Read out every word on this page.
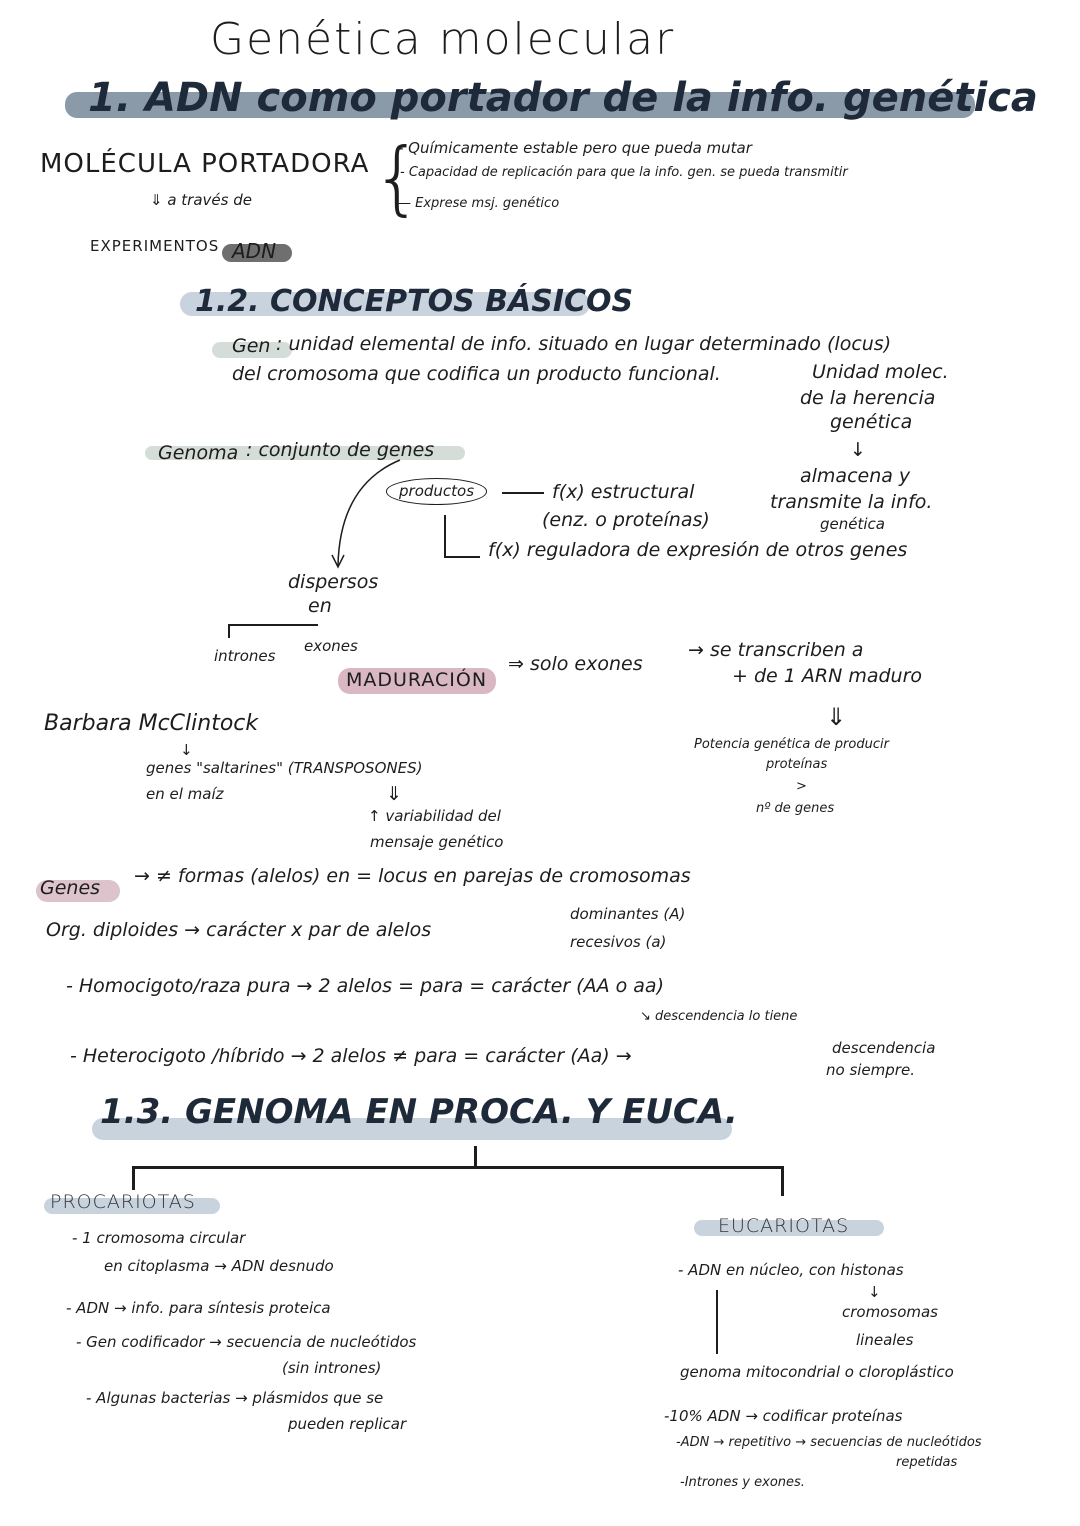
Genética molecular
1. ADN como portador de la info. genética
MOLÉCULA PORTADORA
⇓ a través de
EXPERIMENTOS ADN
{
- Químicamente estable pero que pueda mutar
- Capacidad de replicación para que la info. gen. se pueda transmitir
— Exprese msj. genético
1.2. CONCEPTOS BÁSICOS
Gen : unidad elemental de info. situado en lugar determinado (locus)
del cromosoma que codifica un producto funcional.	Unidad molec.
de la herencia
genética
↓
almacena y
transmite la info.
genética
Genoma : conjunto de genes
productos	f(x) estructural
(enz. o proteínas)
f(x) reguladora de expresión de otros genes
dispersos
en
intrones
exones
MADURACIÓN
⇒ solo exones
→ se transcriben a
+ de 1 ARN maduro
⇓
Potencia genética de producir
proteínas
>
nº de genes
Barbara McClintock
↓
genes "saltarines" (TRANSPOSONES)
en el maíz	⇓
↑ variabilidad del
mensaje genético
Genes
→ ≠ formas (alelos) en = locus en parejas de cromosomas
Org. diploides → carácter x par de alelos
dominantes (A)
recesivos (a)
- Homocigoto/raza pura → 2 alelos = para = carácter (AA o aa)
↘ descendencia lo tiene
- Heterocigoto /híbrido → 2 alelos ≠ para = carácter (Aa) →	descendencia
no siempre.
1.3. GENOMA EN PROCA. Y EUCA.
PROCARIOTAS
- 1 cromosoma circular
en citoplasma → ADN desnudo
- ADN → info. para síntesis proteica
- Gen codificador → secuencia de nucleótidos
(sin intrones)
- Algunas bacterias → plásmidos que se
pueden replicar
EUCARIOTAS
- ADN en núcleo, con histonas
↓
cromosomas
lineales
genoma mitocondrial o cloroplástico
-10% ADN → codificar proteínas
-ADN → repetitivo → secuencias de nucleótidos
repetidas
-Intrones y exones.
